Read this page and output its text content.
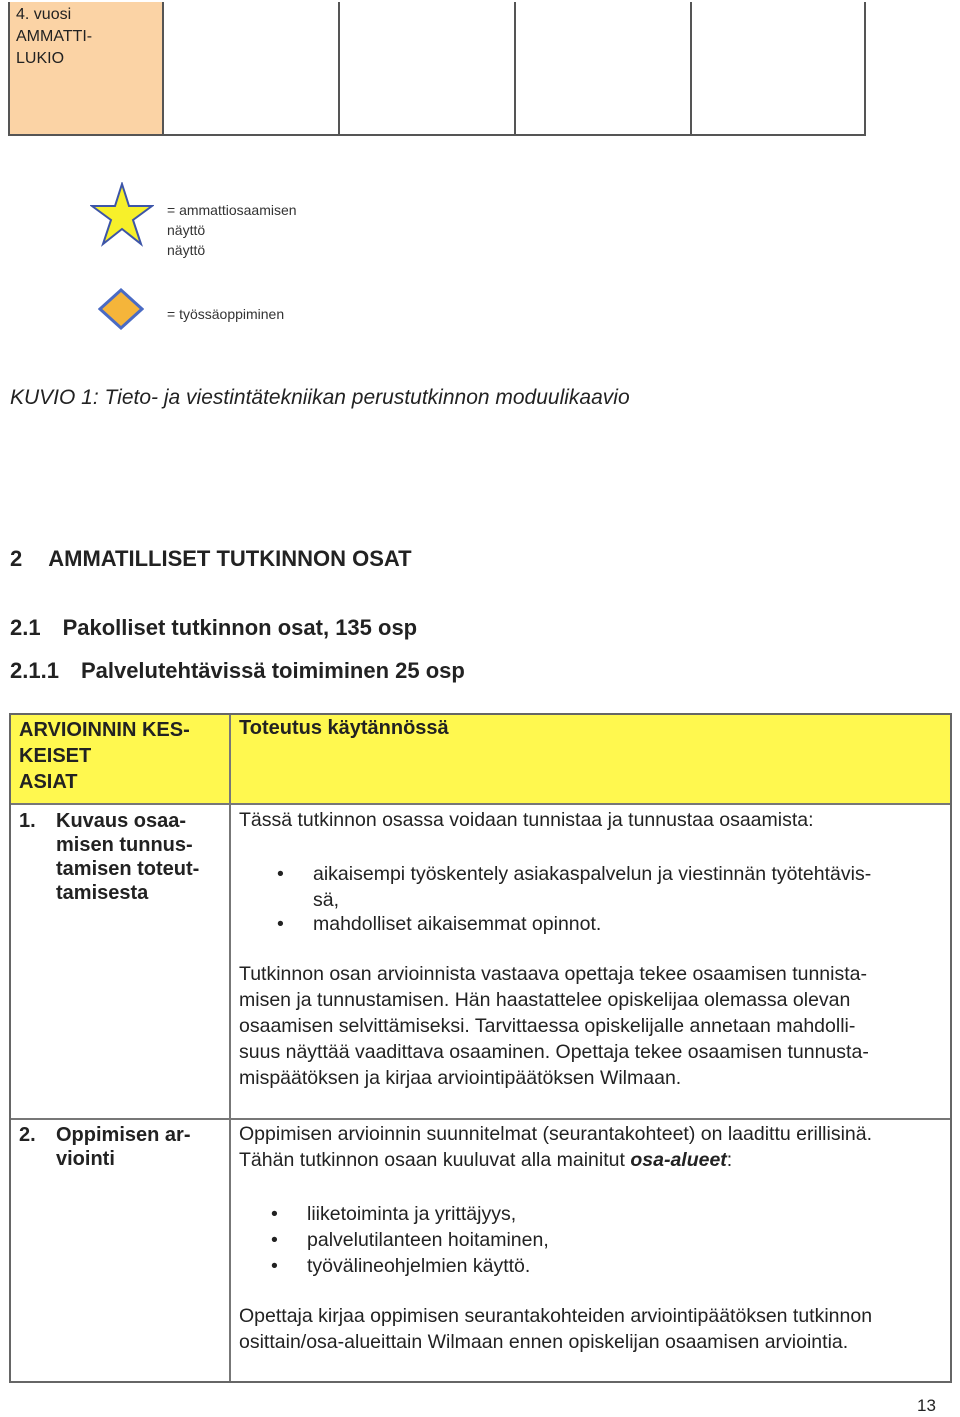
4. vuosi
AMMATTI-
LUKIO
= ammattiosaamisen
näyttö
näyttö
= työssäoppiminen
KUVIO 1: Tieto- ja viestintätekniikan perustutkinnon moduulikaavio
2 AMMATILLISET TUTKINNON OSAT
2.1 Pakolliset tutkinnon osat, 135 osp
2.1.1 Palvelutehtävissä toimiminen 25 osp
ARVIOINNIN KES-
KEISET
ASIAT
Toteutus käytännössä
1. Kuvaus osaa-
misen tunnus-
tamisen toteut-
tamisesta
Tässä tutkinnon osassa voidaan tunnistaa ja tunnustaa osaamista:
• aikaisempi työskentely asiakaspalvelun ja viestinnän työtehtävis-
sä,
• mahdolliset aikaisemmat opinnot.
Tutkinnon osan arvioinnista vastaava opettaja tekee osaamisen tunnista-
misen ja tunnustamisen. Hän haastattelee opiskelijaa olemassa olevan
osaamisen selvittämiseksi. Tarvittaessa opiskelijalle annetaan mahdolli-
suus näyttää vaadittava osaaminen. Opettaja tekee osaamisen tunnusta-
mispäätöksen ja kirjaa arviointipäätöksen Wilmaan.
2. Oppimisen ar-
viointi
Oppimisen arvioinnin suunnitelmat (seurantakohteet) on laadittu erillisinä.
Tähän tutkinnon osaan kuuluvat alla mainitut osa-alueet:
• liiketoiminta ja yrittäjyys,
• palvelutilanteen hoitaminen,
• työvälineohjelmien käyttö.
Opettaja kirjaa oppimisen seurantakohteiden arviointipäätöksen tutkinnon
osittain/osa-alueittain Wilmaan ennen opiskelijan osaamisen arviointia.
13
